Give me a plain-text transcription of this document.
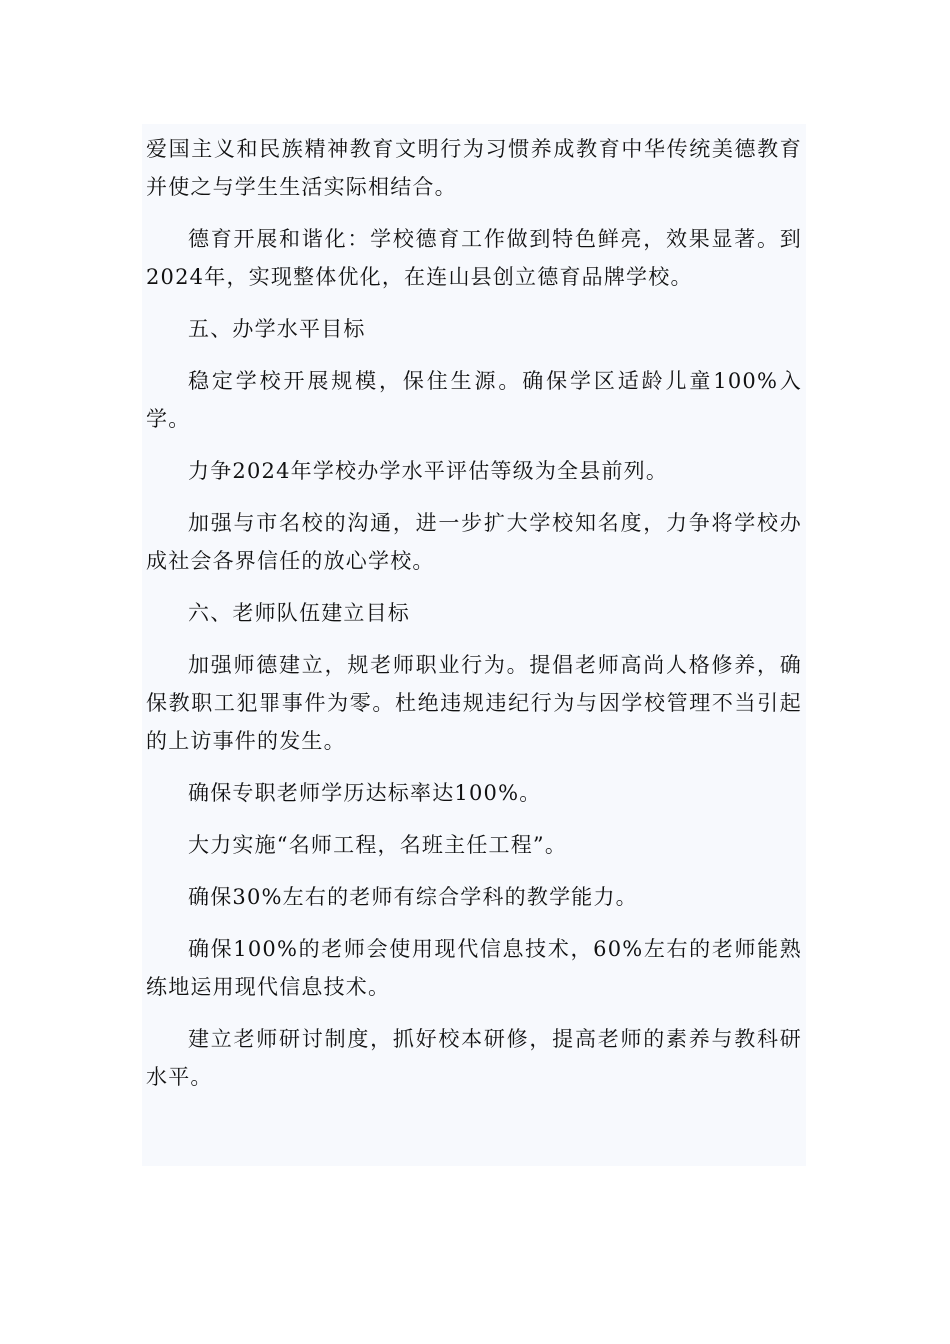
爱国主义和民族精神教育文明行为习惯养成教育中华传统美德教育并使之与学生生活实际相结合。

德育开展和谐化：学校德育工作做到特色鲜亮，效果显著。到2024年，实现整体优化，在连山县创立德育品牌学校。

五、办学水平目标

稳定学校开展规模，保住生源。确保学区适龄儿童100%入学。

力争2024年学校办学水平评估等级为全县前列。

加强与市名校的沟通，进一步扩大学校知名度，力争将学校办成社会各界信任的放心学校。

六、老师队伍建立目标

加强师德建立，规老师职业行为。提倡老师高尚人格修养，确保教职工犯罪事件为零。杜绝违规违纪行为与因学校管理不当引起的上访事件的发生。

确保专职老师学历达标率达100%。

大力实施“名师工程，名班主任工程”。

确保30%左右的老师有综合学科的教学能力。

确保100%的老师会使用现代信息技术，60%左右的老师能熟练地运用现代信息技术。

建立老师研讨制度，抓好校本研修，提高老师的素养与教科研水平。
